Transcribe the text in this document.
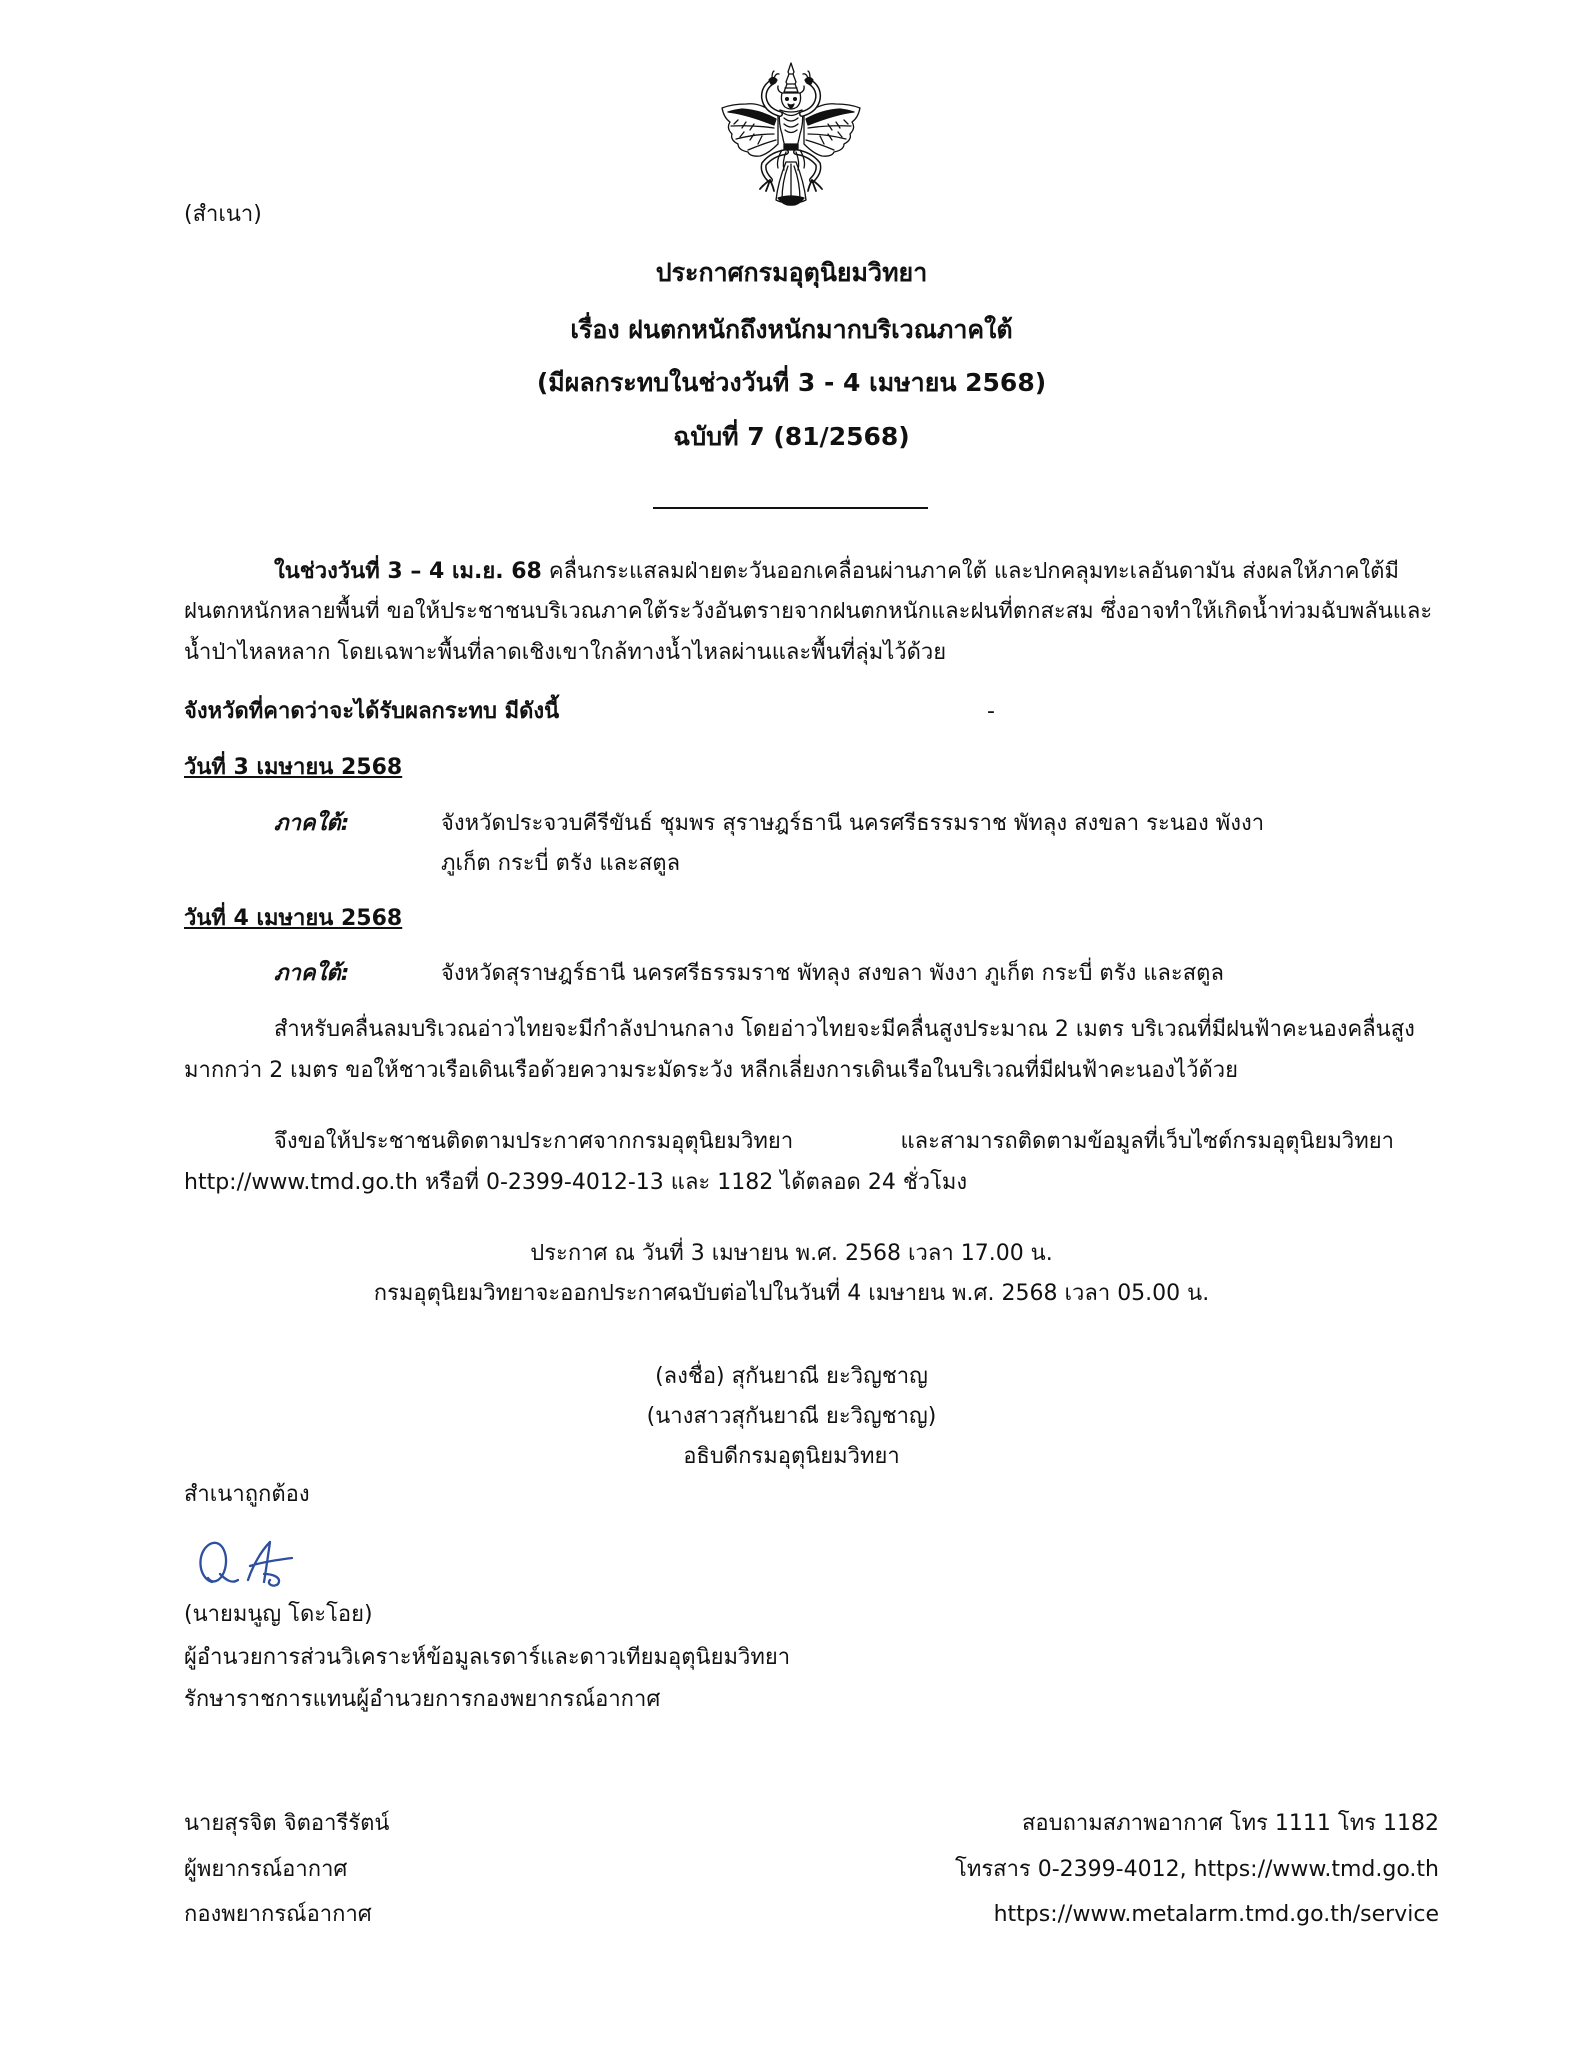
(สำเนา)
ประกาศกรมอุตุนิยมวิทยา
เรื่อง ฝนตกหนักถึงหนักมากบริเวณภาคใต้
(มีผลกระทบในช่วงวันที่ 3 - 4 เมษายน 2568)
ฉบับที่ 7 (81/2568)
ในช่วงวันที่ 3 – 4 เม.ย. 68 คลื่นกระแสลมฝ่ายตะวันออกเคลื่อนผ่านภาคใต้ และปกคลุมทะเลอันดามัน ส่งผลให้ภาคใต้มี
ฝนตกหนักหลายพื้นที่ ขอให้ประชาชนบริเวณภาคใต้ระวังอันตรายจากฝนตกหนักและฝนที่ตกสะสม ซึ่งอาจทำให้เกิดน้ำท่วมฉับพลันและ
น้ำป่าไหลหลาก โดยเฉพาะพื้นที่ลาดเชิงเขาใกล้ทางน้ำไหลผ่านและพื้นที่ลุ่มไว้ด้วย
จังหวัดที่คาดว่าจะได้รับผลกระทบ มีดังนี้	-
วันที่ 3 เมษายน 2568
ภาคใต้:	จังหวัดประจวบคีรีขันธ์ ชุมพร สุราษฎร์ธานี นครศรีธรรมราช พัทลุง สงขลา ระนอง พังงา
ภูเก็ต กระบี่ ตรัง และสตูล
วันที่ 4 เมษายน 2568
ภาคใต้:	จังหวัดสุราษฎร์ธานี นครศรีธรรมราช พัทลุง สงขลา พังงา ภูเก็ต กระบี่ ตรัง และสตูล
สำหรับคลื่นลมบริเวณอ่าวไทยจะมีกำลังปานกลาง โดยอ่าวไทยจะมีคลื่นสูงประมาณ 2 เมตร บริเวณที่มีฝนฟ้าคะนองคลื่นสูง
มากกว่า 2 เมตร ขอให้ชาวเรือเดินเรือด้วยความระมัดระวัง หลีกเลี่ยงการเดินเรือในบริเวณที่มีฝนฟ้าคะนองไว้ด้วย
จึงขอให้ประชาชนติดตามประกาศจากกรมอุตุนิยมวิทยา และสามารถติดตามข้อมูลที่เว็บไซต์กรมอุตุนิยมวิทยา
http://www.tmd.go.th หรือที่ 0-2399-4012-13 และ 1182 ได้ตลอด 24 ชั่วโมง
ประกาศ ณ วันที่ 3 เมษายน พ.ศ. 2568 เวลา 17.00 น.
กรมอุตุนิยมวิทยาจะออกประกาศฉบับต่อไปในวันที่ 4 เมษายน พ.ศ. 2568 เวลา 05.00 น.
(ลงชื่อ) สุกันยาณี ยะวิญชาญ
(นางสาวสุกันยาณี ยะวิญชาญ)
อธิบดีกรมอุตุนิยมวิทยา
สำเนาถูกต้อง
(นายมนูญ โดะโอย)
ผู้อำนวยการส่วนวิเคราะห์ข้อมูลเรดาร์และดาวเทียมอุตุนิยมวิทยา
รักษาราชการแทนผู้อำนวยการกองพยากรณ์อากาศ
นายสุรจิต จิตอารีรัตน์
ผู้พยากรณ์อากาศ
กองพยากรณ์อากาศ
สอบถามสภาพอากาศ โทร 1111 โทร 1182
โทรสาร 0-2399-4012, https://www.tmd.go.th
https://www.metalarm.tmd.go.th/service
